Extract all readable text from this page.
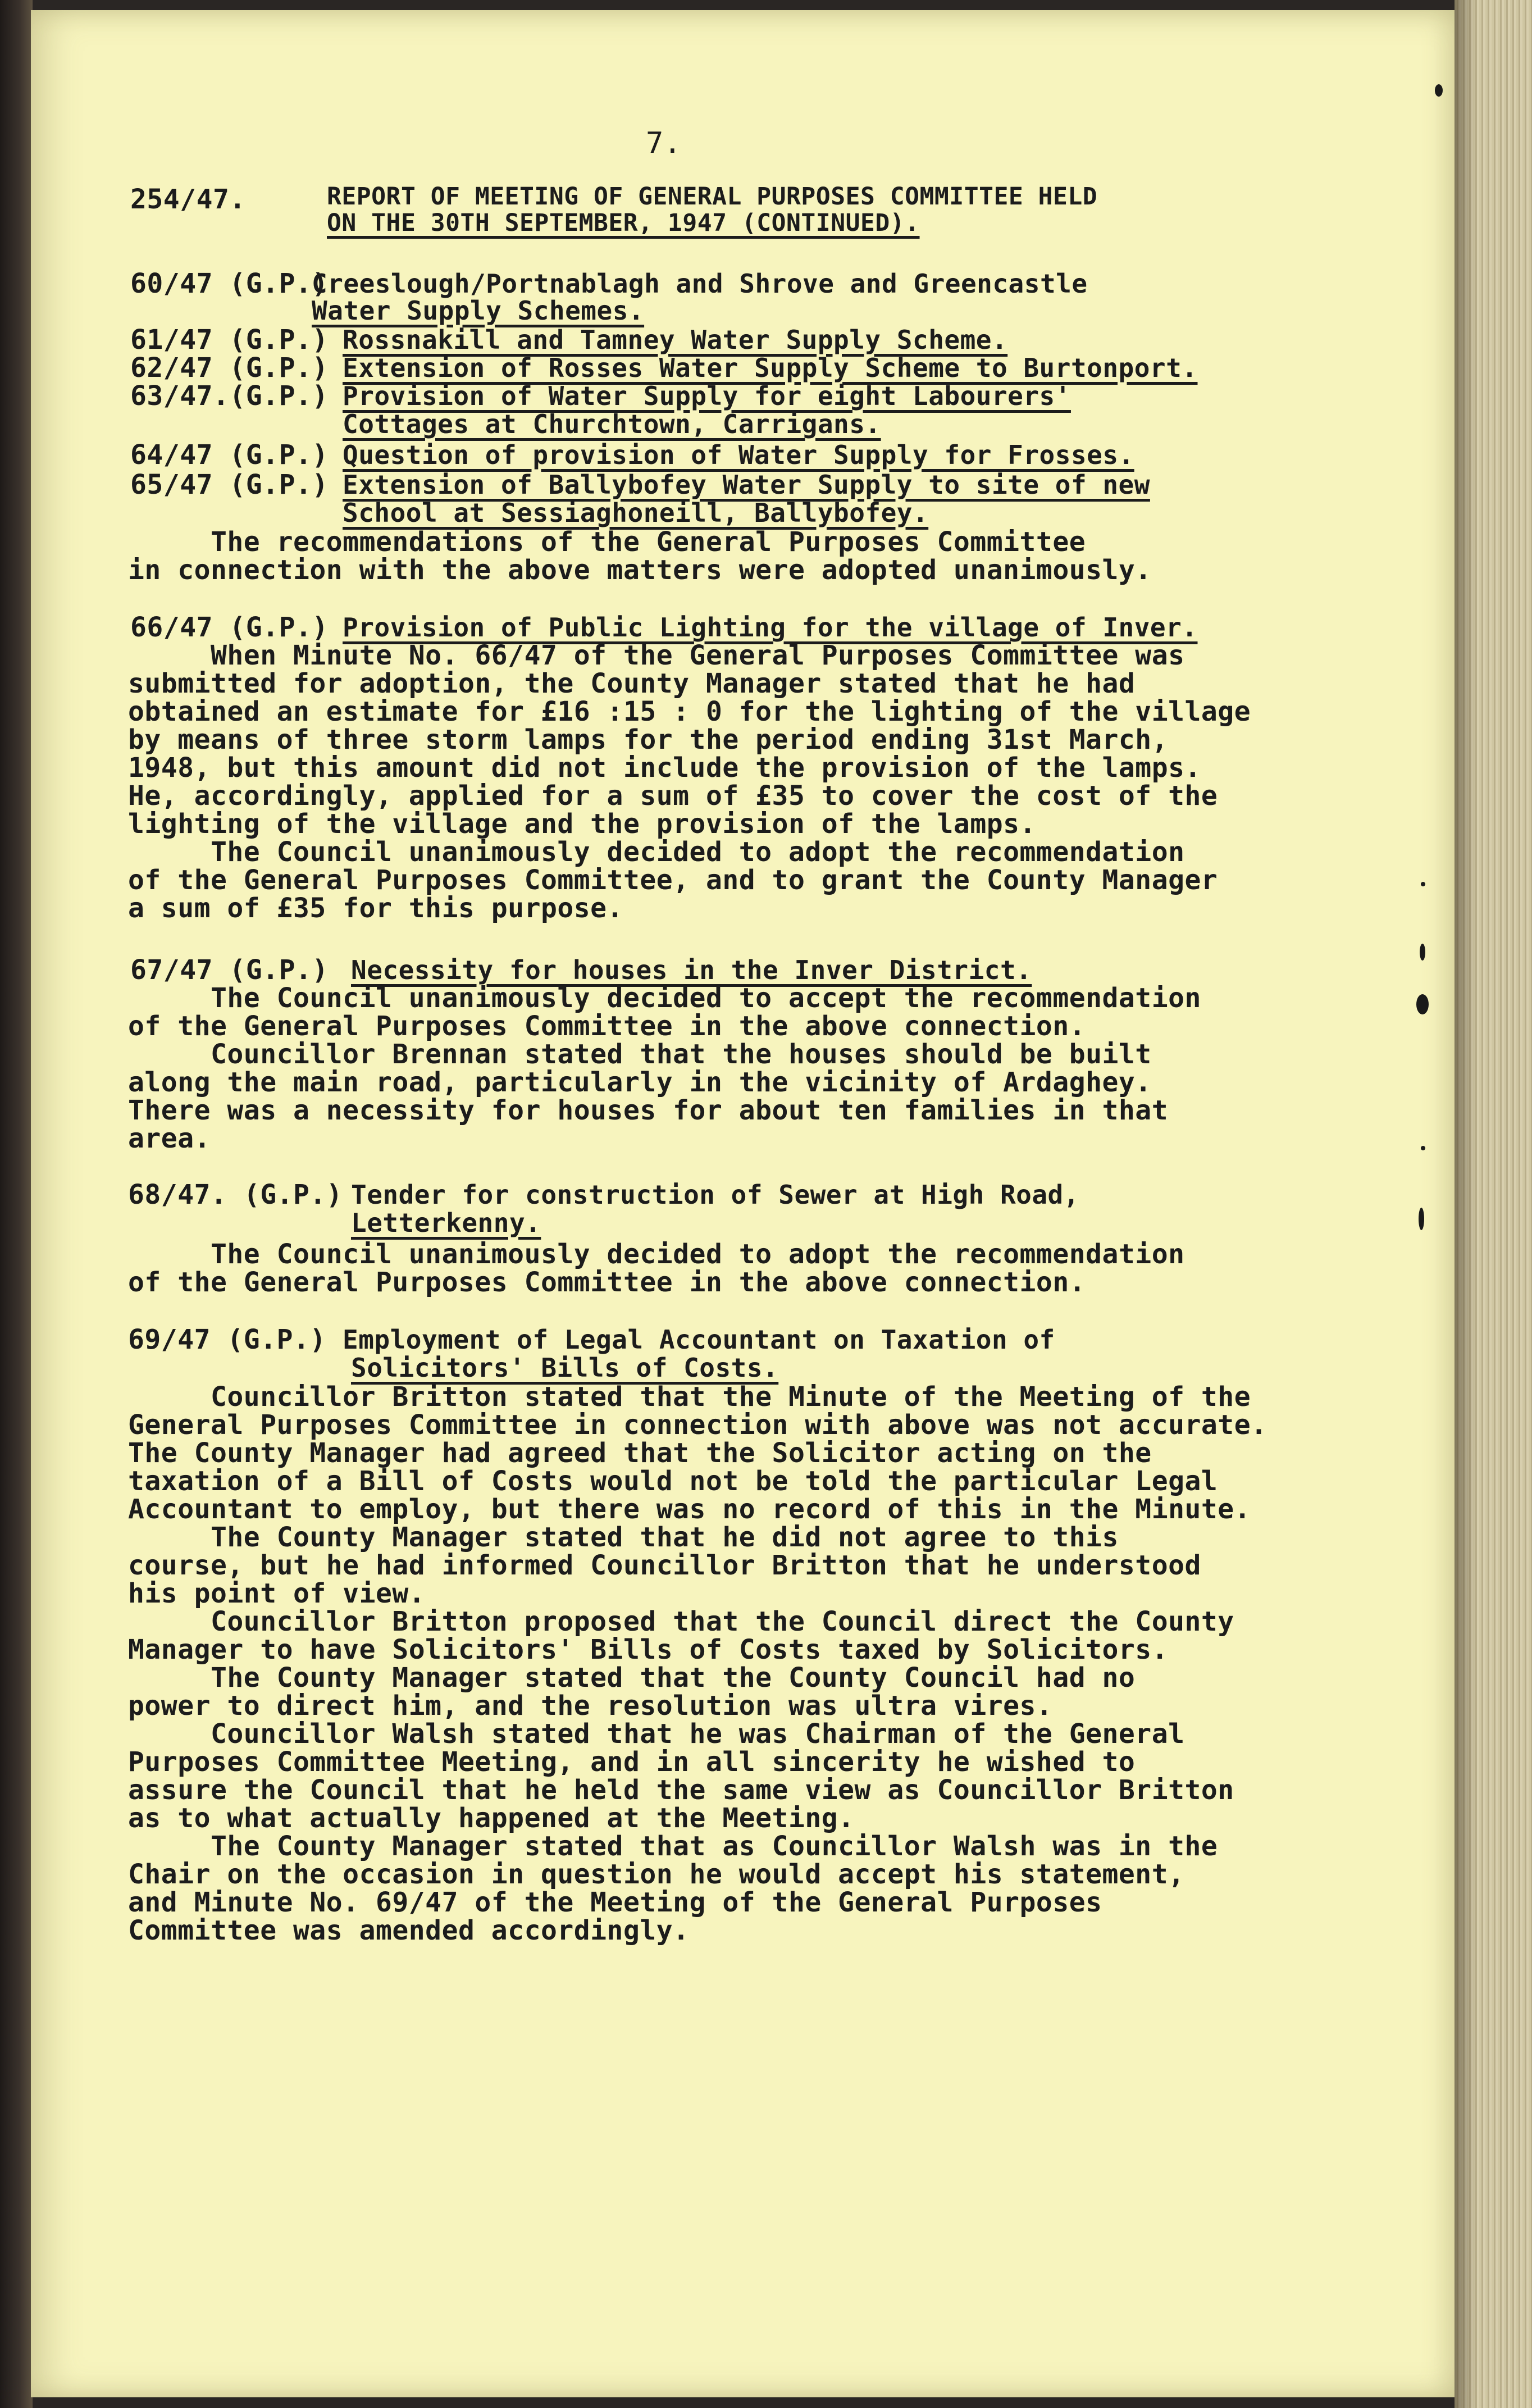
7.
254/47.	REPORT OF MEETING OF GENERAL PURPOSES COMMITTEE HELD
ON THE 30TH SEPTEMBER, 1947 (CONTINUED).
60/47 (G.P.)
Creeslough/Portnablagh and Shrove and Greencastle
Water Supply Schemes.
61/47 (G.P.) Rossnakill and Tamney Water Supply Scheme.
62/47 (G.P.) Extension of Rosses Water Supply Scheme to Burtonport.
63/47.(G.P.) Provision of Water Supply for eight Labourers'
Cottages at Churchtown, Carrigans.
64/47 (G.P.) Question of provision of Water Supply for Frosses.
65/47 (G.P.) Extension of Ballybofey Water Supply to site of new
School at Sessiaghoneill, Ballybofey.
The recommendations of the General Purposes Committee
in connection with the above matters were adopted unanimously.
66/47 (G.P.) Provision of Public Lighting for the village of Inver.
When Minute No. 66/47 of the General Purposes Committee was
submitted for adoption, the County Manager stated that he had
obtained an estimate for £16 :15 : 0 for the lighting of the village
by means of three storm lamps for the period ending 31st March,
1948, but this amount did not include the provision of the lamps.
He, accordingly, applied for a sum of £35 to cover the cost of the
lighting of the village and the provision of the lamps.
The Council unanimously decided to adopt the recommendation
of the General Purposes Committee, and to grant the County Manager
a sum of £35 for this purpose.
67/47 (G.P.) Necessity for houses in the Inver District.
The Council unanimously decided to accept the recommendation
of the General Purposes Committee in the above connection.
Councillor Brennan stated that the houses should be built
along the main road, particularly in the vicinity of Ardaghey.
There was a necessity for houses for about ten families in that
area.
68/47. (G.P.) Tender for construction of Sewer at High Road,
Letterkenny.
The Council unanimously decided to adopt the recommendation
of the General Purposes Committee in the above connection.
69/47 (G.P.) Employment of Legal Accountant on Taxation of
Solicitors' Bills of Costs.
Councillor Britton stated that the Minute of the Meeting of the
General Purposes Committee in connection with above was not accurate.
The County Manager had agreed that the Solicitor acting on the
taxation of a Bill of Costs would not be told the particular Legal
Accountant to employ, but there was no record of this in the Minute.
The County Manager stated that he did not agree to this
course, but he had informed Councillor Britton that he understood
his point of view.
Councillor Britton proposed that the Council direct the County
Manager to have Solicitors' Bills of Costs taxed by Solicitors.
The County Manager stated that the County Council had no
power to direct him, and the resolution was ultra vires.
Councillor Walsh stated that he was Chairman of the General
Purposes Committee Meeting, and in all sincerity he wished to
assure the Council that he held the same view as Councillor Britton
as to what actually happened at the Meeting.
The County Manager stated that as Councillor Walsh was in the
Chair on the occasion in question he would accept his statement,
and Minute No. 69/47 of the Meeting of the General Purposes
Committee was amended accordingly.
